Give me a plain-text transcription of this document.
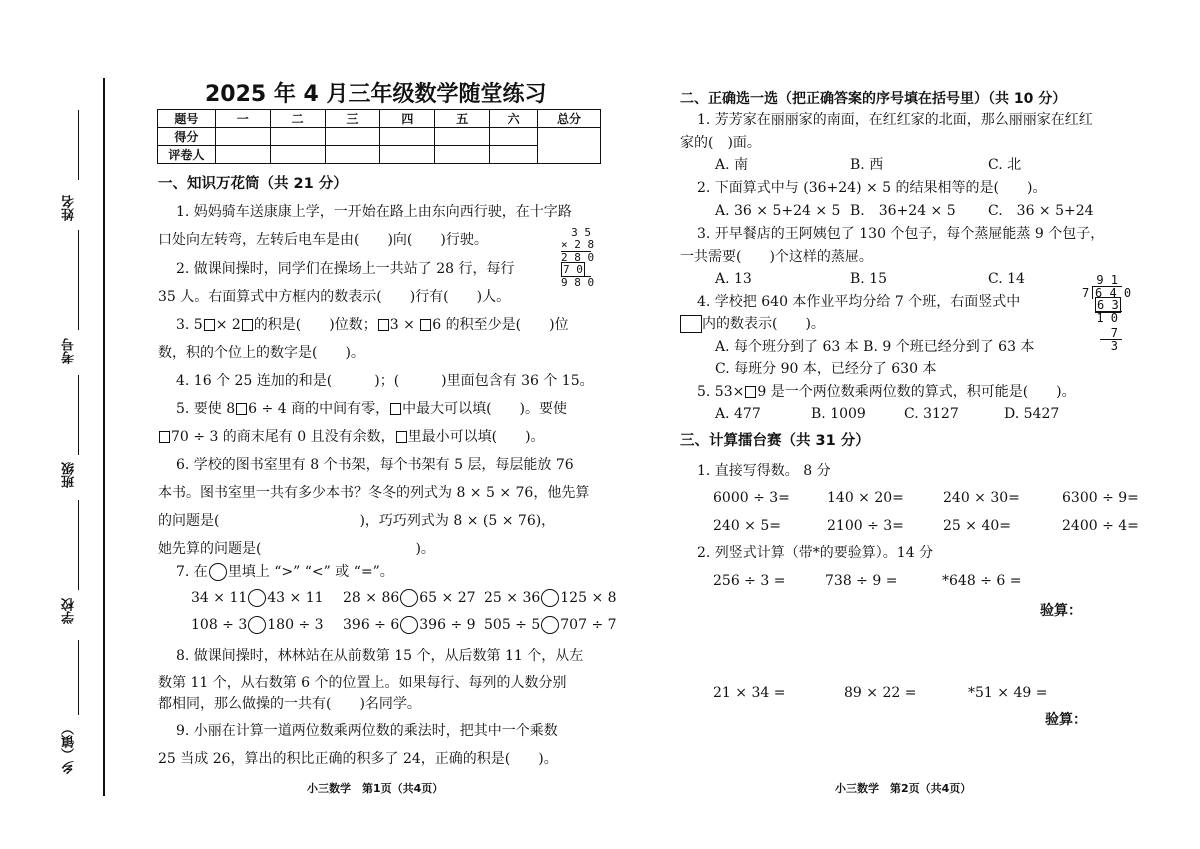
姓名
考号
班级
学校
乡（镇）
2025 年 4 月三年级数学随堂练习
题号	一	二	三	四	五	六	总分
得分							
评卷人							
一、知识万花筒（共 21 分）
1. 妈妈骑车送康康上学，一开始在路上由东向西行驶，在十字路
口处向左转弯，左转后电车是由(　　)向(　　)行驶。	3 5
× 2 8
2 8 0
7 0
9 8 0
2. 做课间操时，同学们在操场上一共站了 28 行，每行
35 人。右面算式中方框内的数表示(　　)行有(　　)人。
3. 5 × 2 的积是(　　)位数； 3 × 6 的积至少是(　　)位
数，积的个位上的数字是(　　)。
4. 16 个 25 连加的和是(　　　)；(　　　)里面包含有 36 个 15。
5. 要使 8 6 ÷ 4 商的中间有零， 中最大可以填(　　)。要使
70 ÷ 3 的商末尾有 0 且没有余数， 里最小可以填(　　)。
6. 学校的图书室里有 8 个书架，每个书架有 5 层，每层能放 76
本书。图书室里一共有多少本书？冬冬的列式为 8 × 5 × 76，他先算
的问题是(　　　　　　　　　　)，巧巧列式为 8 × (5 × 76)，
她先算的问题是(　　　　　　　　　　　)。
7. 在 里填上 “>” “<” 或 “=”。
34 × 11 43 × 11 28 × 86 65 × 27 25 × 36 125 × 8
108 ÷ 3 180 ÷ 3 396 ÷ 6 396 ÷ 9 505 ÷ 5 707 ÷ 7
8. 做课间操时，林林站在从前数第 15 个，从后数第 11 个，从左
数第 11 个，从右数第 6 个的位置上。如果每行、每列的人数分别
都相同，那么做操的一共有(　　)名同学。
9. 小丽在计算一道两位数乘两位数的乘法时，把其中一个乘数
25 当成 26，算出的积比正确的积多了 24，正确的积是(　　)。
小三数学　第1页（共4页）
二、正确选一选（把正确答案的序号填在括号里）（共 10 分）
1. 芳芳家在丽丽家的南面，在红红家的北面，那么丽丽家在红红
家的(　)面。
A. 南	B. 西	C. 北
2. 下面算式中与 (36+24) × 5 的结果相等的是(　　)。
A. 36 × 5+24 × 5 B.　36+24 × 5 C.　36 × 5+24
3. 开早餐店的王阿姨包了 130 个包子，每个蒸屉能蒸 9 个包子，
一共需要(　　)个这样的蒸屉。
A. 13	B. 15	C. 14
4. 学校把 640 本作业平均分给 7 个班，右面竖式中
内的数表示(　　)。
A. 每个班分到了 63 本 B. 9 个班已经分到了 63 本
C. 每班分 90 本，已经分了 630 本
9 1
7 6 4 0
6 3
1 0
7
3
5. 53× 9 是一个两位数乘两位数的算式，积可能是(　　)。
A. 477	B. 1009	C. 3127	D. 5427
三、计算擂台赛（共 31 分）
1. 直接写得数。 8 分
6000 ÷ 3=	140 × 20=	240 × 30=	6300 ÷ 9=
240 × 5=	2100 ÷ 3=	25 × 40=	2400 ÷ 4=
2. 列竖式计算（带*的要验算）。14 分
256 ÷ 3 =	738 ÷ 9 =	*648 ÷ 6 =
验算：
21 × 34 =	89 × 22 =	*51 × 49 =
验算：
小三数学　第2页（共4页）
